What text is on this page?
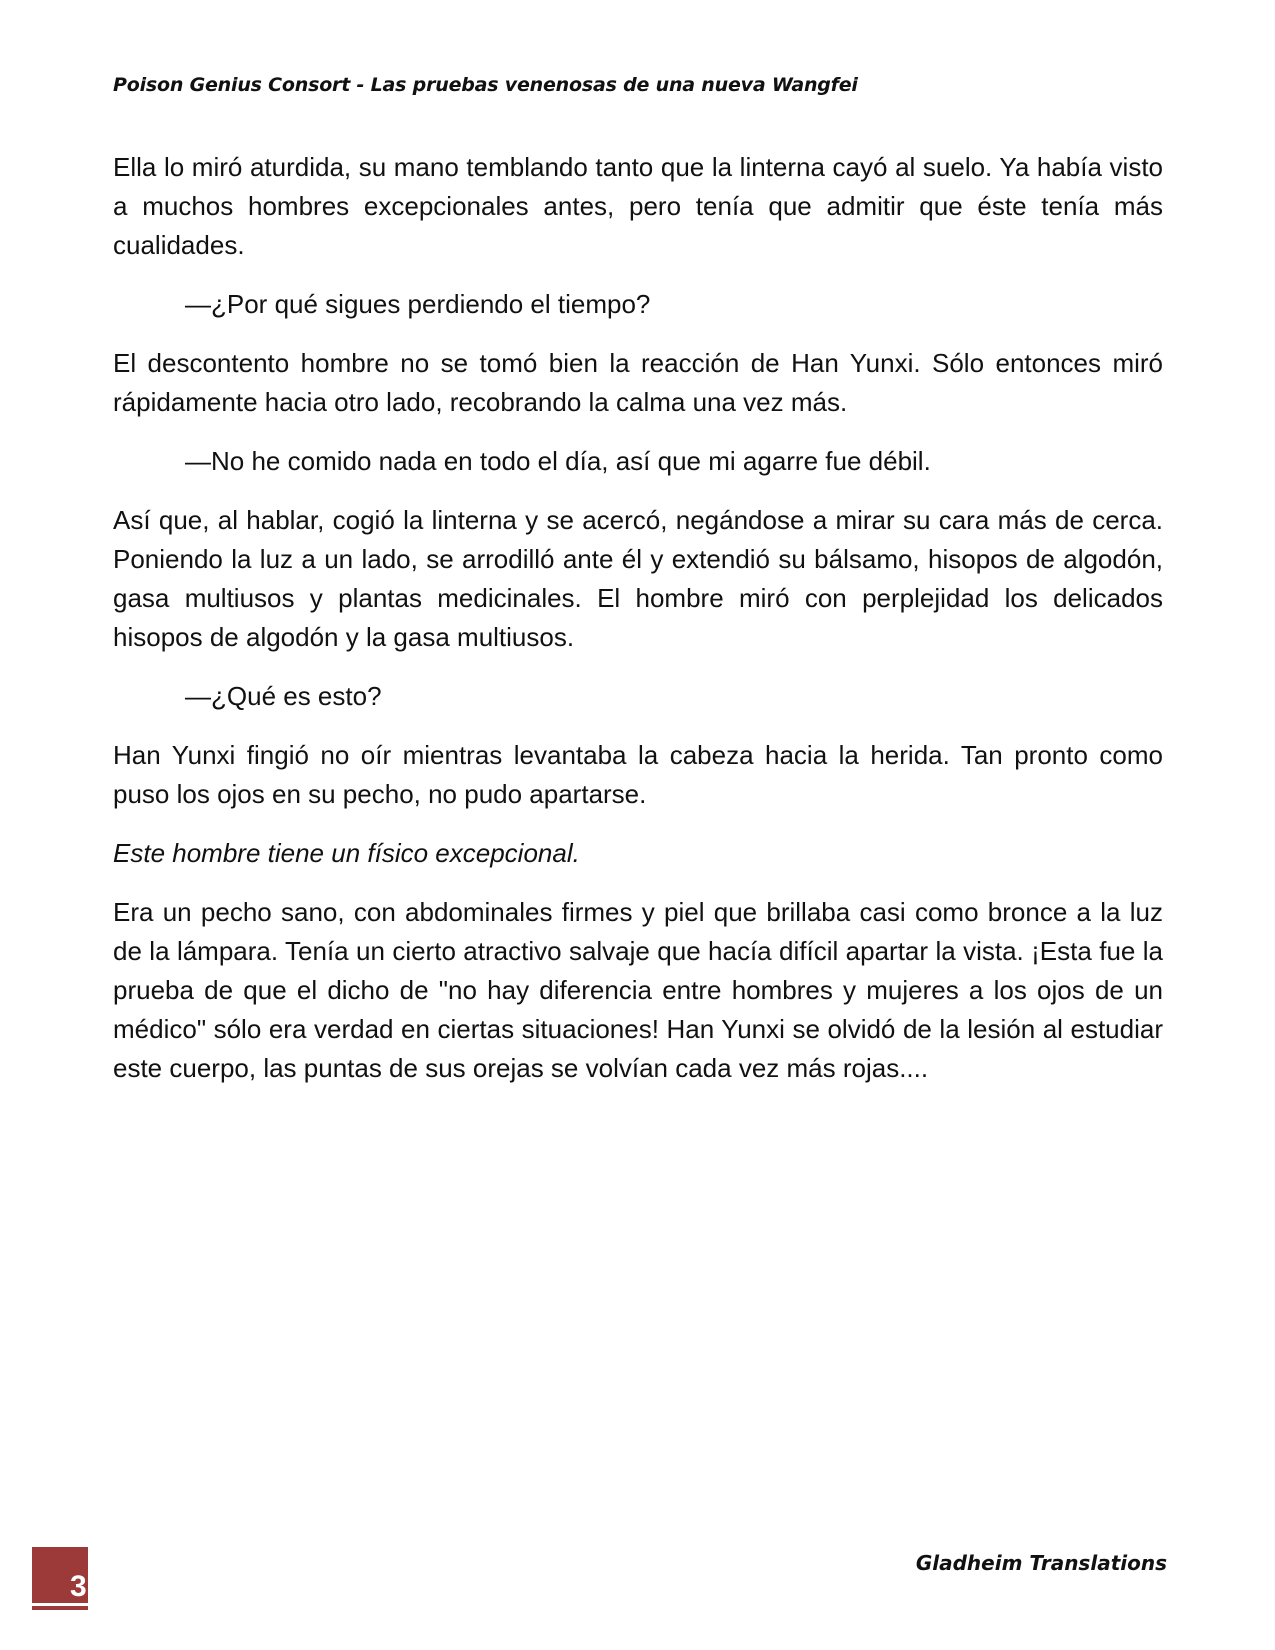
Poison Genius Consort - Las pruebas venenosas de una nueva Wangfei

Ella lo miró aturdida, su mano temblando tanto que la linterna cayó al suelo. Ya había visto a muchos hombres excepcionales antes, pero tenía que admitir que éste tenía más cualidades.

—¿Por qué sigues perdiendo el tiempo?

El descontento hombre no se tomó bien la reacción de Han Yunxi. Sólo entonces miró rápidamente hacia otro lado, recobrando la calma una vez más.

—No he comido nada en todo el día, así que mi agarre fue débil.

Así que, al hablar, cogió la linterna y se acercó, negándose a mirar su cara más de cerca. Poniendo la luz a un lado, se arrodilló ante él y extendió su bálsamo, hisopos de algodón, gasa multiusos y plantas medicinales. El hombre miró con perplejidad los delicados hisopos de algodón y la gasa multiusos.

—¿Qué es esto?

Han Yunxi fingió no oír mientras levantaba la cabeza hacia la herida. Tan pronto como puso los ojos en su pecho, no pudo apartarse.

Este hombre tiene un físico excepcional.

Era un pecho sano, con abdominales firmes y piel que brillaba casi como bronce a la luz de la lámpara. Tenía un cierto atractivo salvaje que hacía difícil apartar la vista. ¡Esta fue la prueba de que el dicho de "no hay diferencia entre hombres y mujeres a los ojos de un médico" sólo era verdad en ciertas situaciones! Han Yunxi se olvidó de la lesión al estudiar este cuerpo, las puntas de sus orejas se volvían cada vez más rojas....

3
Gladheim Translations
